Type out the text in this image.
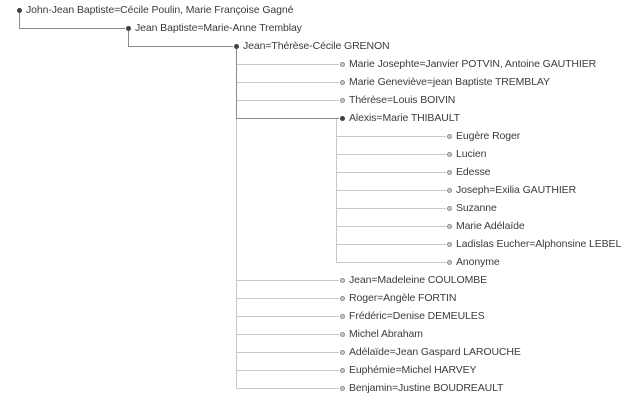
John-Jean Baptiste=Cécile Poulin, Marie Françoise Gagné
Jean Baptiste=Marie-Anne Tremblay
Jean=Thérèse-Cécile GRENON
Marie Josephte=Janvier POTVIN, Antoine GAUTHIER
Marie Geneviève=jean Baptiste TREMBLAY
Thérèse=Louis BOIVIN
Alexis=Marie THIBAULT
Eugère Roger
Lucien
Edesse
Joseph=Exilia GAUTHIER
Suzanne
Marie Adélaïde
Ladislas Eucher=Alphonsine LEBEL
Anonyme
Jean=Madeleine COULOMBE
Roger=Angèle FORTIN
Frédéric=Denise DEMEULES
Michel Abraham
Adélaïde=Jean Gaspard LAROUCHE
Euphémie=Michel HARVEY
Benjamin=Justine BOUDREAULT
